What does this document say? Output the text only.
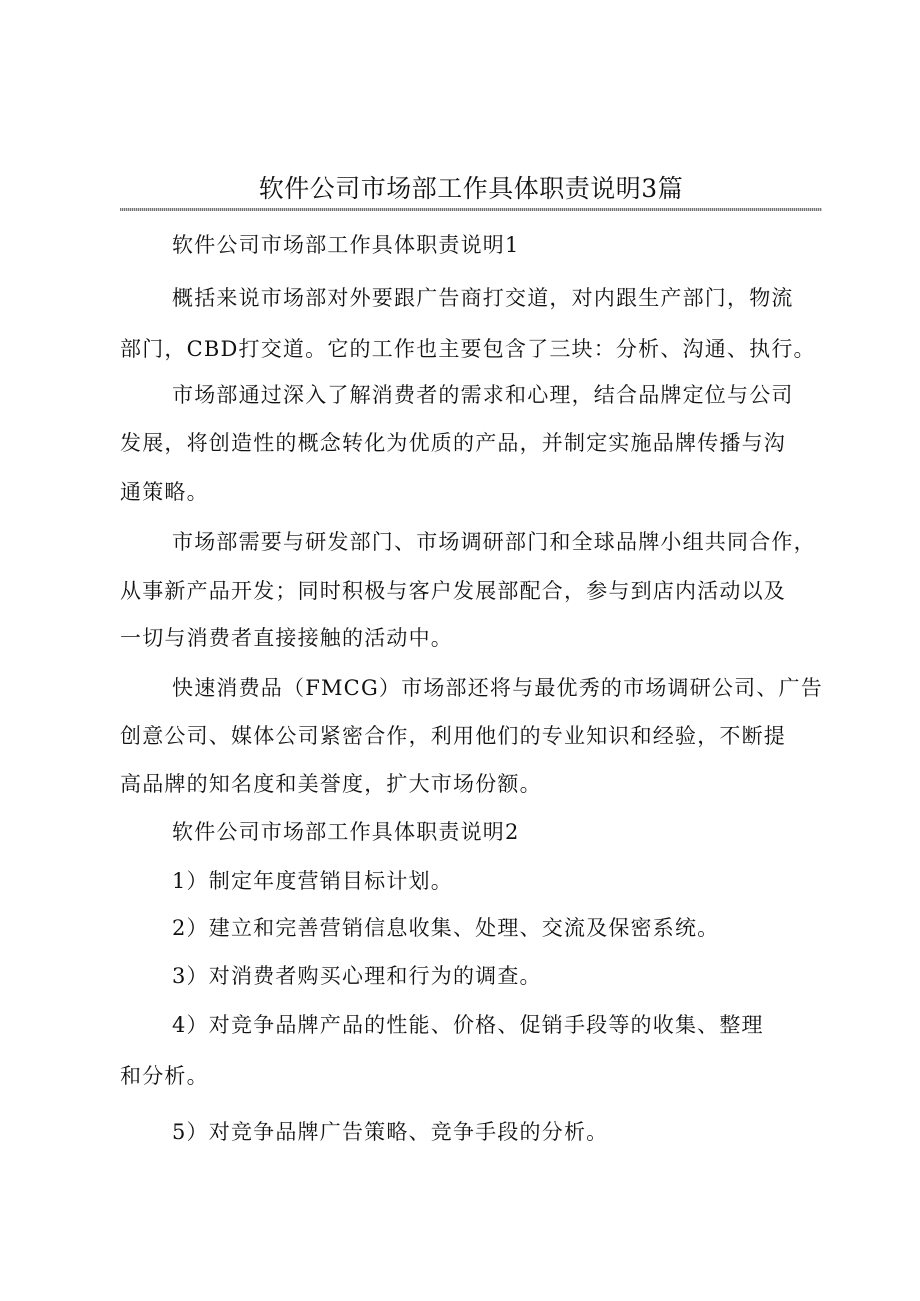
软件公司市场部工作具体职责说明3篇
软件公司市场部工作具体职责说明1
概括来说市场部对外要跟广告商打交道，对内跟生产部门，物流
部门，CBD打交道。它的工作也主要包含了三块：分析、沟通、执行。
市场部通过深入了解消费者的需求和心理，结合品牌定位与公司
发展，将创造性的概念转化为优质的产品，并制定实施品牌传播与沟
通策略。
市场部需要与研发部门、市场调研部门和全球品牌小组共同合作，
从事新产品开发；同时积极与客户发展部配合，参与到店内活动以及
一切与消费者直接接触的活动中。
快速消费品（FMCG）市场部还将与最优秀的市场调研公司、广告
创意公司、媒体公司紧密合作，利用他们的专业知识和经验，不断提
高品牌的知名度和美誉度，扩大市场份额。
软件公司市场部工作具体职责说明2
1）制定年度营销目标计划。
2）建立和完善营销信息收集、处理、交流及保密系统。
3）对消费者购买心理和行为的调查。
4）对竞争品牌产品的性能、价格、促销手段等的收集、整理
和分析。
5）对竞争品牌广告策略、竞争手段的分析。
